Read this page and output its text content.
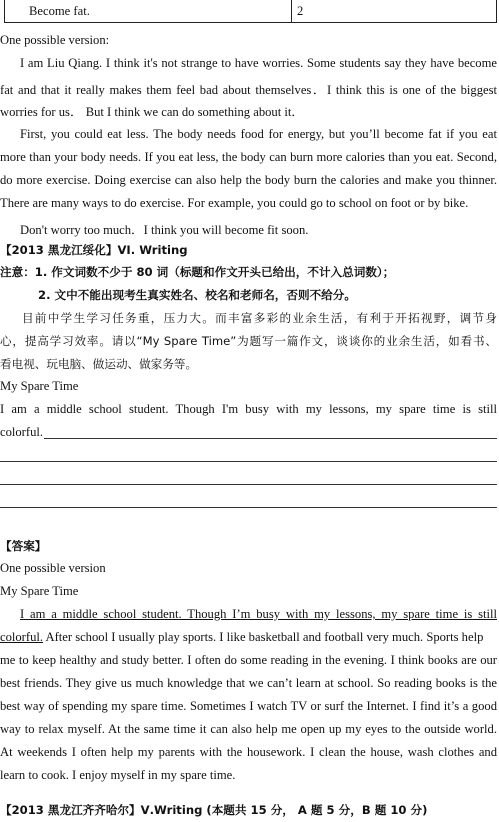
Become fat.	2
One possible version:
I am Liu Qiang. I think it's not strange to have worries. Some students say they have become
fat and that it really makes them feel bad about themselves．I think this is one of the biggest
worries for us． But I think we can do something about it．
First, you could eat less. The body needs food for energy, but you’ll become fat if you eat
more than your body needs. If you eat less, the body can burn more calories than you eat. Second,
do more exercise. Doing exercise can also help the body burn the calories and make you thinner.
There are many ways to do exercise. For example, you could go to school on foot or by bike.
Don't worry too much．I think you will become fit soon.
【2013 黑龙江绥化】VI. Writing
注意：1. 作文词数不少于 80 词（标题和作文开头已给出，不计入总词数）；
2. 文中不能出现考生真实姓名、校名和老师名，否则不给分。
目前中学生学习任务重，压力大。而丰富多彩的业余生活，有利于开拓视野，调节身
心，提高学习效率。请以“My Spare Time”为题写一篇作文，谈谈你的业余生活，如看书、
看电视、玩电脑、做运动、做家务等。
My Spare Time
I am a middle school student. Though I'm busy with my lessons, my spare time is still
colorful.
【答案】
One possible version
My Spare Time
I am a middle school student. Though I’m busy with my lessons, my spare time is still
colorful. After school I usually play sports. I like basketball and football very much. Sports help
me to keep healthy and study better. I often do some reading in the evening. I think books are our
best friends. They give us much knowledge that we can’t learn at school. So reading books is the
best way of spending my spare time. Sometimes I watch TV or surf the Internet. I find it’s a good
way to relax myself. At the same time it can also help me open up my eyes to the outside world.
At weekends I often help my parents with the housework. I clean the house, wash clothes and
learn to cook. I enjoy myself in my spare time.
【2013 黑龙江齐齐哈尔】Ⅴ.Writing (本题共 15 分， A 题 5 分，B 题 10 分)
